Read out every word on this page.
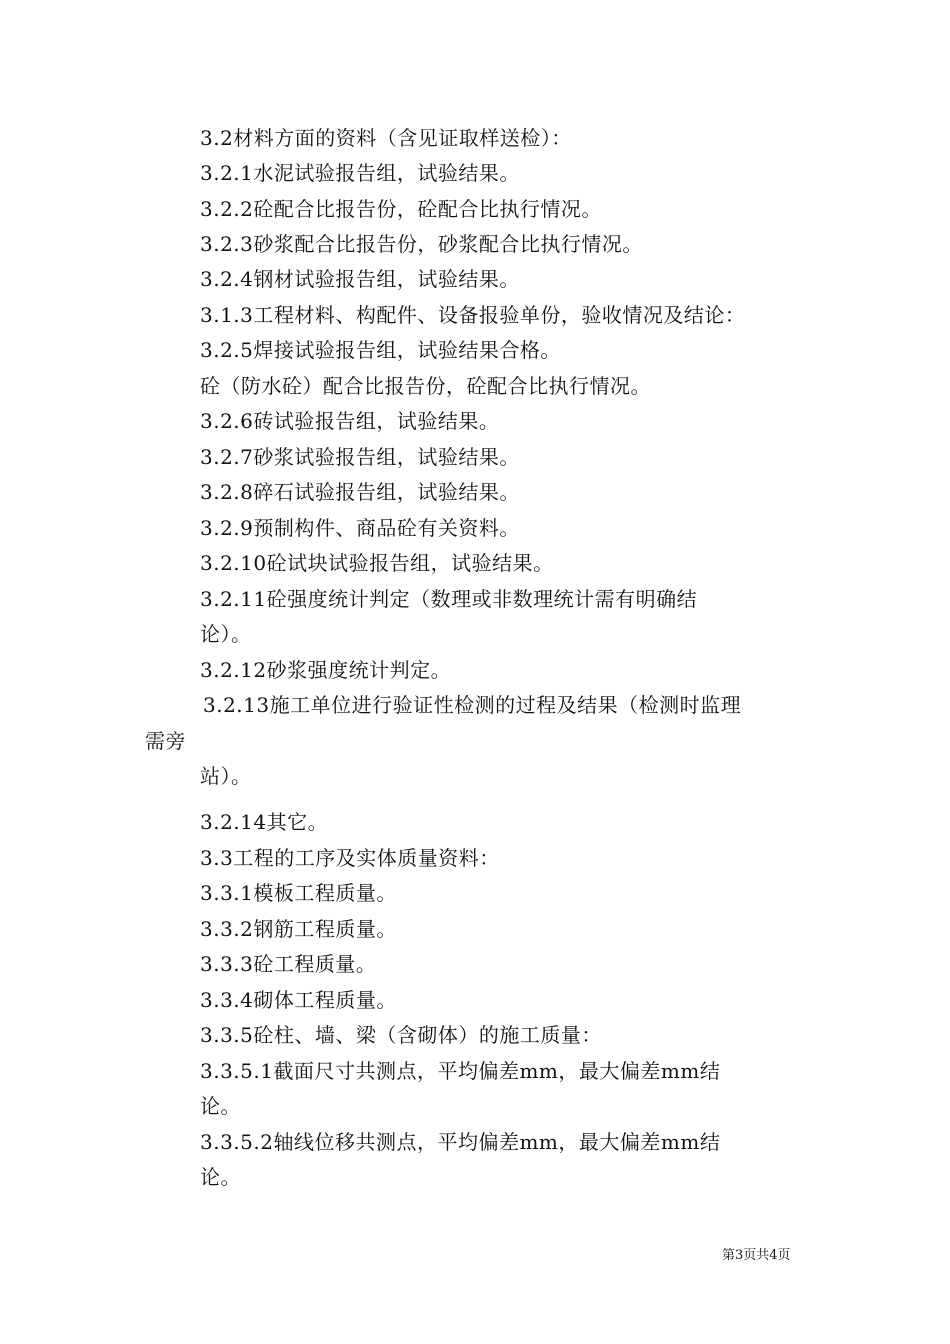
3.2材料方面的资料（含见证取样送检）：
3.2.1水泥试验报告组，试验结果。
3.2.2砼配合比报告份，砼配合比执行情况。
3.2.3砂浆配合比报告份，砂浆配合比执行情况。
3.2.4钢材试验报告组，试验结果。
3.1.3工程材料、构配件、设备报验单份，验收情况及结论：
3.2.5焊接试验报告组，试验结果合格。
砼（防水砼）配合比报告份，砼配合比执行情况。
3.2.6砖试验报告组，试验结果。
3.2.7砂浆试验报告组，试验结果。
3.2.8碎石试验报告组，试验结果。
3.2.9预制构件、商品砼有关资料。
3.2.10砼试块试验报告组，试验结果。
3.2.11砼强度统计判定（数理或非数理统计需有明确结
论）。
3.2.12砂浆强度统计判定。
3.2.13施工单位进行验证性检测的过程及结果（检测时监理
需旁
站）。
3.2.14其它。
3.3工程的工序及实体质量资料：
3.3.1模板工程质量。
3.3.2钢筋工程质量。
3.3.3砼工程质量。
3.3.4砌体工程质量。
3.3.5砼柱、墙、梁（含砌体）的施工质量：
3.3.5.1截面尺寸共测点，平均偏差mm，最大偏差mm结
论。
3.3.5.2轴线位移共测点，平均偏差mm，最大偏差mm结
论。
第3页共4页
